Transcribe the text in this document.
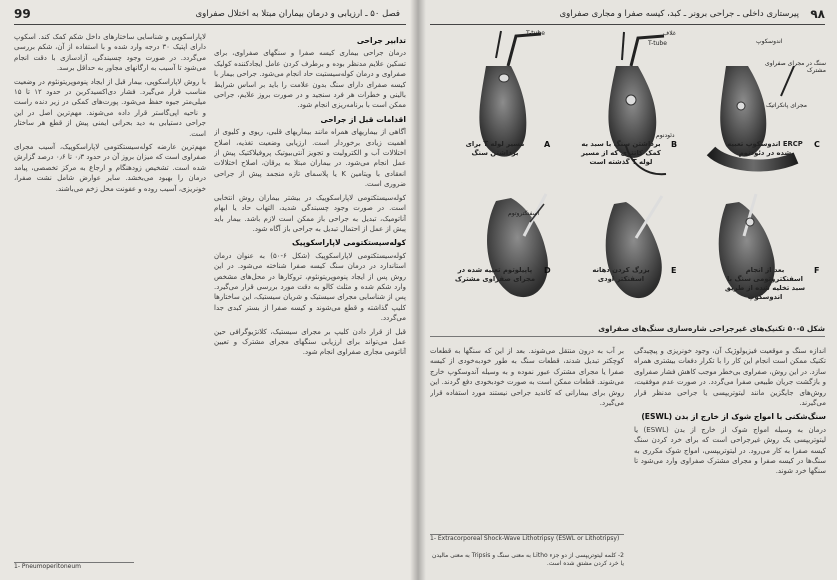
99	فصل ۵۰ ـ ارزیابی و درمان بیماران مبتلا به اختلال صفراوی
تدابیر جراحی

درمان جراحی بیماری کیسه صفرا و سنگهای صفراوی، برای تسکین علایم مدنظر بوده و برطرف کردن عامل ایجادکننده کولیک صفراوی و درمان کوله‌سیستیت حاد انجام می‌شود. جراحی بیمار با کیسه صفرای دارای سنگ بدون علامت را باید بر اساس شرایط بالینی و خطرات هر فرد سنجید و در صورت بروز علایم، جراحی ممکن است با برنامه‌ریزی انجام شود.

اقدامات قبل از جراحی

آگاهی از بیماریهای همراه مانند بیماریهای قلبی، ریوی و کلیوی از اهمیت زیادی برخوردار است. ارزیابی وضعیت تغذیه، اصلاح اختلالات آب و الکترولیت و تجویز آنتی‌بیوتیک پروفیلاکتیک پیش از عمل انجام می‌شود. در بیماران مبتلا به یرقان، اصلاح اختلالات انعقادی با ویتامین K یا پلاسمای تازه منجمد پیش از جراحی ضروری است.

کوله‌سیستکتومی لاپاراسکوپیک در بیشتر بیماران روش انتخابی است. در صورت وجود چسبندگی شدید، التهاب حاد یا ابهام آناتومیک، تبدیل به جراحی باز ممکن است لازم باشد. بیمار باید پیش از عمل از احتمال تبدیل به جراحی باز آگاه شود.

کوله‌سیستکتومی لاپاراسکوپیک

کوله‌سیستکتومی لاپاراسکوپیک (شکل ۶-۵۰) به عنوان درمان استاندارد در درمان سنگ کیسه صفرا شناخته می‌شود. در این روش پس از ایجاد پنوموپریتونئوم، تروکارها در محل‌های مشخص وارد شکم شده و مثلث کالو به دقت مورد بررسی قرار می‌گیرد. پس از شناسایی مجرای سیستیک و شریان سیستیک، این ساختارها کلیپ گذاشته و قطع می‌شوند و کیسه صفرا از بستر کبدی جدا می‌گردد.

قبل از قرار دادن کلیپ بر مجرای سیستیک، کلانژیوگرافی حین عمل می‌تواند برای ارزیابی سنگهای مجرای مشترک و تعیین آناتومی مجاری صفراوی انجام شود.

لاپاراسکوپی و شناسایی ساختارهای داخل شکم کمک کند. اسکوپ دارای اپتیک ۳۰ درجه وارد شده و با استفاده از آن، شکم بررسی می‌گردد. در صورت وجود چسبندگی، آزادسازی با دقت انجام می‌شود تا آسیب به ارگانهای مجاور به حداقل برسد.

با روش لاپاراسکوپی، بیمار قبل از ایجاد پنوموپریتونئوم در وضعیت مناسب قرار می‌گیرد. فشار دی‌اکسیدکربن در حدود ۱۲ تا ۱۵ میلی‌متر جیوه حفظ می‌شود. پورت‌های کمکی در زیر دنده راست و ناحیه اپی‌گاستر قرار داده می‌شوند. مهم‌ترین اصل در این جراحی دستیابی به دید بحرانی ایمنی پیش از قطع هر ساختار است.

مهم‌ترین عارضه کوله‌سیستکتومی لاپاراسکوپیک، آسیب مجرای صفراوی است که میزان بروز آن در حدود ۰٫۳ تا ۰٫۶ درصد گزارش شده است. تشخیص زودهنگام و ارجاع به مرکز تخصصی، پیامد درمان را بهبود می‌بخشد. سایر عوارض شامل نشت صفرا، خونریزی، آسیب روده و عفونت محل زخم می‌باشند.

1- Pneumoperitoneum
پیرستاری داخلی ـ جراحی برونر ـ کبد، کیسه صفرا و مجاری صفراوی ۹۸
T-tube
T-tube
غلاف
اندوسکوپ
سنگ در مجرای صفراوی مشترک
مجرای پانکراتیک
دئودنوم
اسفنکتروتوم
A
مسیر لوله T برای برداشتن سنگ
B
برداشتن سنگ با سبد به کمک کاتتری که از مسیر لوله T گذشته است
C
ERCP اندوسکوپ تعبیه شده در دئودنوم
D
پاپیلوتوم تعبیه شده در مجرای صفراوی مشترک
E
بزرگ کردن دهانه اسفنکتر اودی
F
بعد از انجام اسفنکتروتومی سنگ با سبد تخلیه شده از طریق اندوسکوپ
شکل ۵-۵۰ تکنیک‌های غیرجراحی شاره‌سازی سنگ‌های صفراوی

اندازه سنگ و موقعیت فیزیولوژیک آن، وجود خونریزی و پیچیدگی تکنیک ممکن است انجام این کار را با تکرار دفعات بیشتری همراه سازد. در این روش، صفراوی بی‌خطر موجب کاهش فشار صفراوی و بازگشت جریان طبیعی صفرا می‌گردد. در صورت عدم موفقیت، روش‌های جایگزین مانند لیتوتریپسی یا جراحی مدنظر قرار می‌گیرند.

سنگ‌شکنی با امواج شوک از خارج از بدن (ESWL)

درمان به وسیله امواج شوک از خارج از بدن (ESWL) یا لیتوتریپسی یک روش غیرجراحی است که برای خرد کردن سنگ کیسه صفرا به کار می‌رود. در لیتوتریپسی، امواج شوک مکرری به سنگ‌ها در کیسه صفرا و مجرای مشترک صفراوی وارد می‌شود تا سنگها خرد شوند.

بر آب به درون منتقل می‌شوند. بعد از این که سنگها به قطعات کوچکتر تبدیل شدند، قطعات سنگ به طور خودبه‌خودی از کیسه صفرا یا مجرای مشترک عبور نموده و به وسیله آندوسکوپ خارج می‌شوند. قطعات ممکن است به صورت خودبخودی دفع گردند. این روش برای بیمارانی که کاندید جراحی نیستند مورد استفاده قرار می‌گیرد.

1- Extracorporeal Shock-Wave Lithotripsy (ESWL or Lithotripsy)
2- کلمه لیتوتریپسی از دو جزء Litho به معنی سنگ و Tripsis به معنی مالیدن یا خرد کردن مشتق شده است.
